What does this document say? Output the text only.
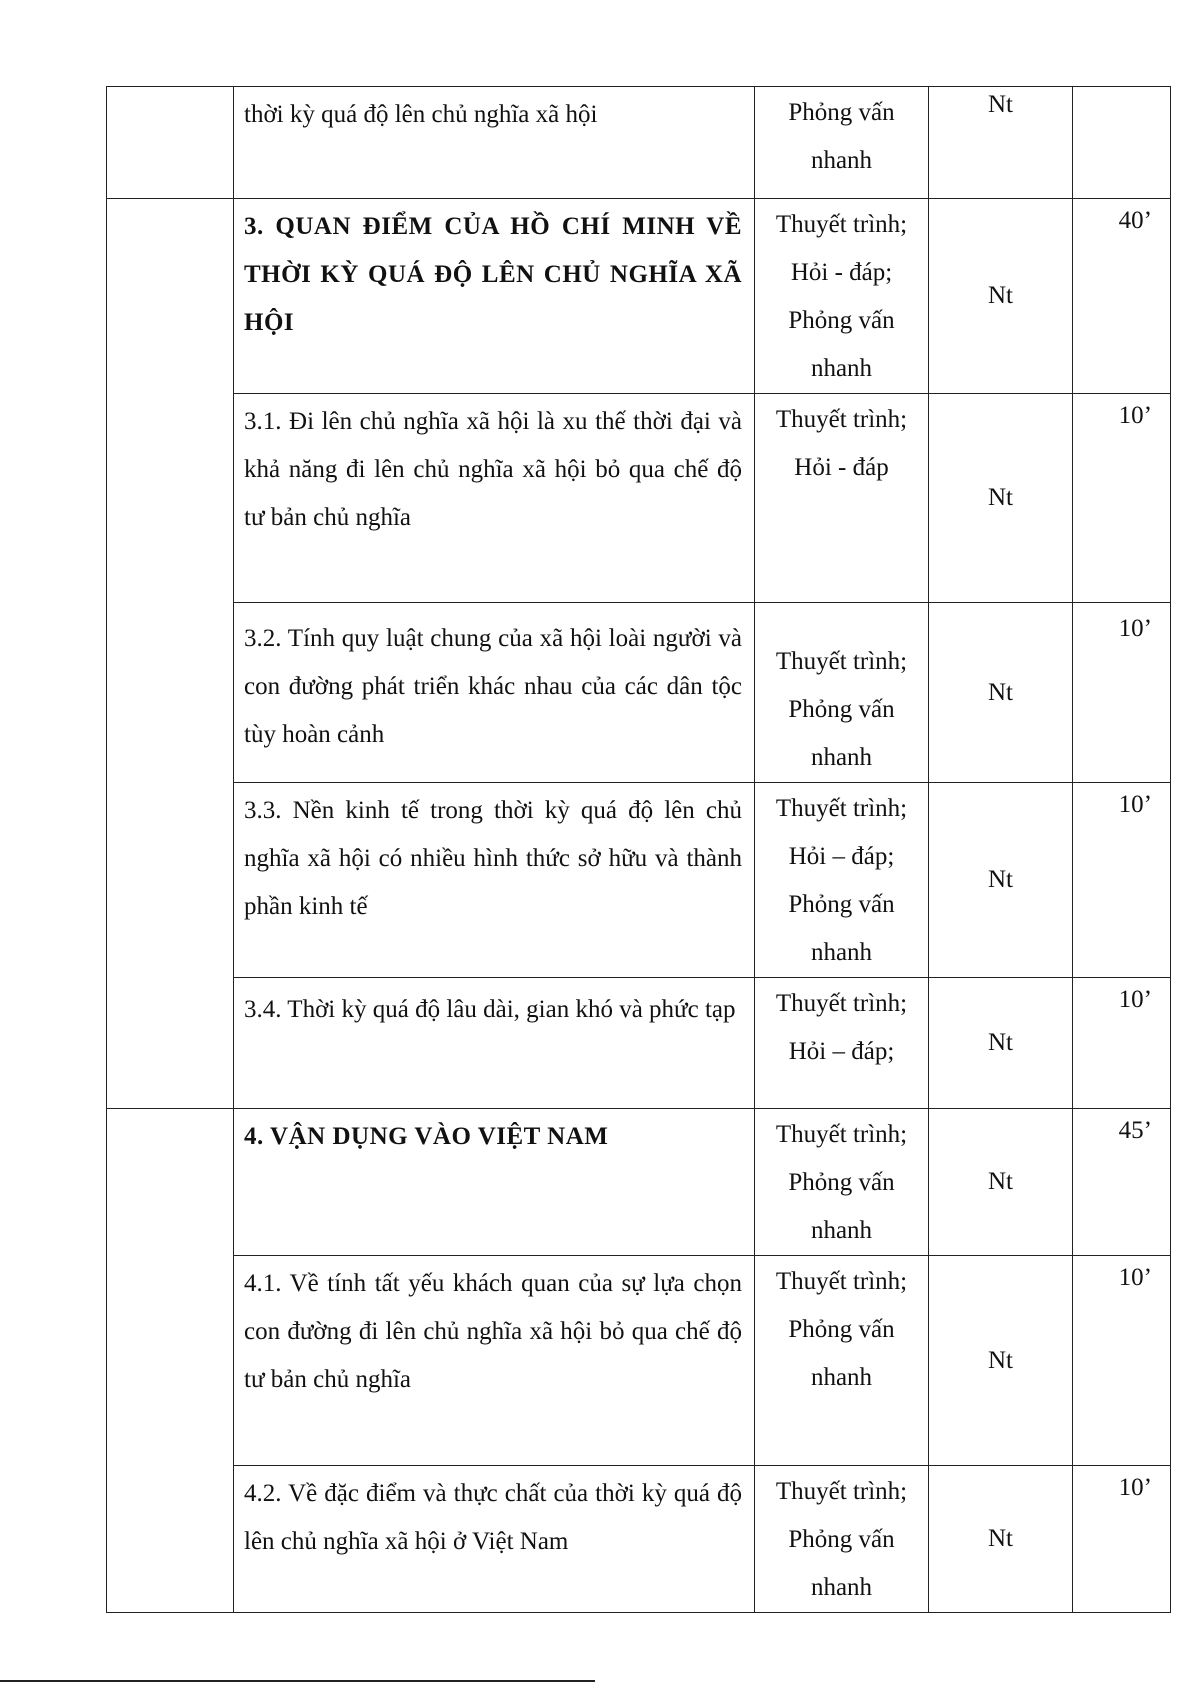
	thời kỳ quá độ lên chủ nghĩa xã hội	Phỏng vấn
nhanh	Nt	

	3. QUAN ĐIỂM CỦA HỒ CHÍ MINH VỀ THỜI KỲ QUÁ ĐỘ LÊN CHỦ NGHĨA XÃ HỘI	Thuyết trình;
Hỏi - đáp;
Phỏng vấn
nhanh	Nt	40’

	3.1. Đi lên chủ nghĩa xã hội là xu thế thời đại và khả năng đi lên chủ nghĩa xã hội bỏ qua chế độ tư bản chủ nghĩa	Thuyết trình;
Hỏi - đáp	Nt	10’

	3.2. Tính quy luật chung của xã hội loài người và con đường phát triển khác nhau của các dân tộc tùy hoàn cảnh	Thuyết trình;
Phỏng vấn
nhanh	Nt	10’

	3.3. Nền kinh tế trong thời kỳ quá độ lên chủ nghĩa xã hội có nhiều hình thức sở hữu và thành phần kinh tế	Thuyết trình;
Hỏi – đáp;
Phỏng vấn
nhanh	Nt	10’

	3.4. Thời kỳ quá độ lâu dài, gian khó và phức tạp	Thuyết trình;
Hỏi – đáp;	Nt	10’

	4. VẬN DỤNG VÀO VIỆT NAM	Thuyết trình;
Phỏng vấn
nhanh	Nt	45’

	4.1. Về tính tất yếu khách quan của sự lựa chọn con đường đi lên chủ nghĩa xã hội bỏ qua chế độ tư bản chủ nghĩa	Thuyết trình;
Phỏng vấn
nhanh	Nt	10’

	4.2. Về đặc điểm và thực chất của thời kỳ quá độ lên chủ nghĩa xã hội ở Việt Nam	Thuyết trình;
Phỏng vấn
nhanh	Nt	10’
